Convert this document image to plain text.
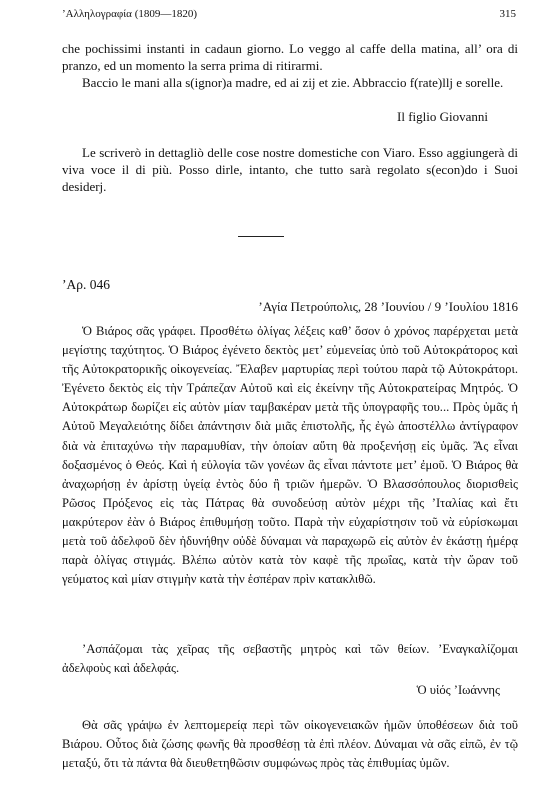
’Αλληλογραφία (1809—1820)	315

che pochissimi instanti in cadaun giorno. Lo veggo al caffe della matina, all’ ora di pranzo, ed un momento la serra prima di ritirarmi.

Baccio le mani alla s(ignor)a madre, ed ai zij et zie. Abbraccio f(rate)llj e sorelle.

Il figlio Giovanni

Le scriverò in dettagliò delle cose nostre domestiche con Viaro. Esso aggiungerà di viva voce il di più. Posso dirle, intanto, che tutto sarà regolato s(econ)do i Suoi desiderj.

’Αρ. 046

’Αγία Πετρούπολις, 28 ’Ιουνίου / 9 ’Ιουλίου 1816

Ὁ Βιάρος σᾶς γράφει. Προσθέτω ὀλίγας λέξεις καθ’ ὅσον ὁ χρόνος παρέρχεται μετὰ μεγίστης ταχύτητος. Ὁ Βιάρος ἐγένετο δεκτὸς μετ’ εὐμενείας ὑπὸ τοῦ Αὐτοκράτορος καὶ τῆς Αὐτοκρατορικῆς οἰκογενείας. Ἔλαβεν μαρτυρίας περὶ τούτου παρὰ τῷ Αὐτοκράτορι. Ἐγένετο δεκτὸς εἰς τὴν Τράπεζαν Αὐτοῦ καὶ εἰς ἐκείνην τῆς Αὐτοκρατείρας Μητρός. Ὁ Αὐτοκράτωρ δωρίζει εἰς αὐτὸν μίαν ταμβακέραν μετὰ τῆς ὑπογραφῆς του... Πρὸς ὑμᾶς ἡ Αὐτοῦ Μεγαλειότης δίδει ἀπάντησιν διὰ μιᾶς ἐπιστολῆς, ἧς ἐγὼ ἀποστέλλω ἀντίγραφον διὰ νὰ ἐπιταχύνω τὴν παραμυθίαν, τὴν ὁποίαν αὕτη θὰ προξενήσῃ εἰς ὑμᾶς. Ἂς εἶναι δοξασμένος ὁ Θεός. Καὶ ἡ εὐλογία τῶν γονέων ἂς εἶναι πάντοτε μετ’ ἐμοῦ. Ὁ Βιάρος θὰ ἀναχωρήσῃ ἐν ἀρίστῃ ὑγείᾳ ἐντὸς δύο ἢ τριῶν ἡμερῶν. Ὁ Βλασσόπουλος διορισθεὶς Ρῶσος Πρόξενος εἰς τὰς Πάτρας θὰ συνοδεύσῃ αὐτὸν μέχρι τῆς ’Ιταλίας καὶ ἔτι μακρύτερον ἐὰν ὁ Βιάρος ἐπιθυμήσῃ τοῦτο. Παρὰ τὴν εὐχαρίστησιν τοῦ νὰ εὑρίσκωμαι μετὰ τοῦ ἀδελφοῦ δὲν ἠδυνήθην οὐδὲ δύναμαι νὰ παραχωρῶ εἰς αὐτὸν ἐν ἑκάστῃ ἡμέρᾳ παρὰ ὀλίγας στιγμάς. Βλέπω αὐτὸν κατὰ τὸν καφὲ τῆς πρωΐας, κατὰ τὴν ὥραν τοῦ γεύματος καὶ μίαν στιγμὴν κατὰ τὴν ἑσπέραν πρὶν κατακλιθῶ.

’Ασπάζομαι τὰς χεῖρας τῆς σεβαστῆς μητρὸς καὶ τῶν θείων. ’Εναγκαλίζομαι ἀδελφοὺς καὶ ἀδελφάς.

Ὁ υἱός ’Ιωάννης

Θὰ σᾶς γράψω ἐν λεπτομερείᾳ περὶ τῶν οἰκογενειακῶν ἡμῶν ὑποθέσεων διὰ τοῦ Βιάρου. Οὗτος διὰ ζώσης φωνῆς θὰ προσθέσῃ τὰ ἐπὶ πλέον. Δύναμαι νὰ σᾶς εἰπῶ, ἐν τῷ μεταξύ, ὅτι τὰ πάντα θὰ διευθετηθῶσιν συμφώνως πρὸς τὰς ἐπιθυμίας ὑμῶν.
